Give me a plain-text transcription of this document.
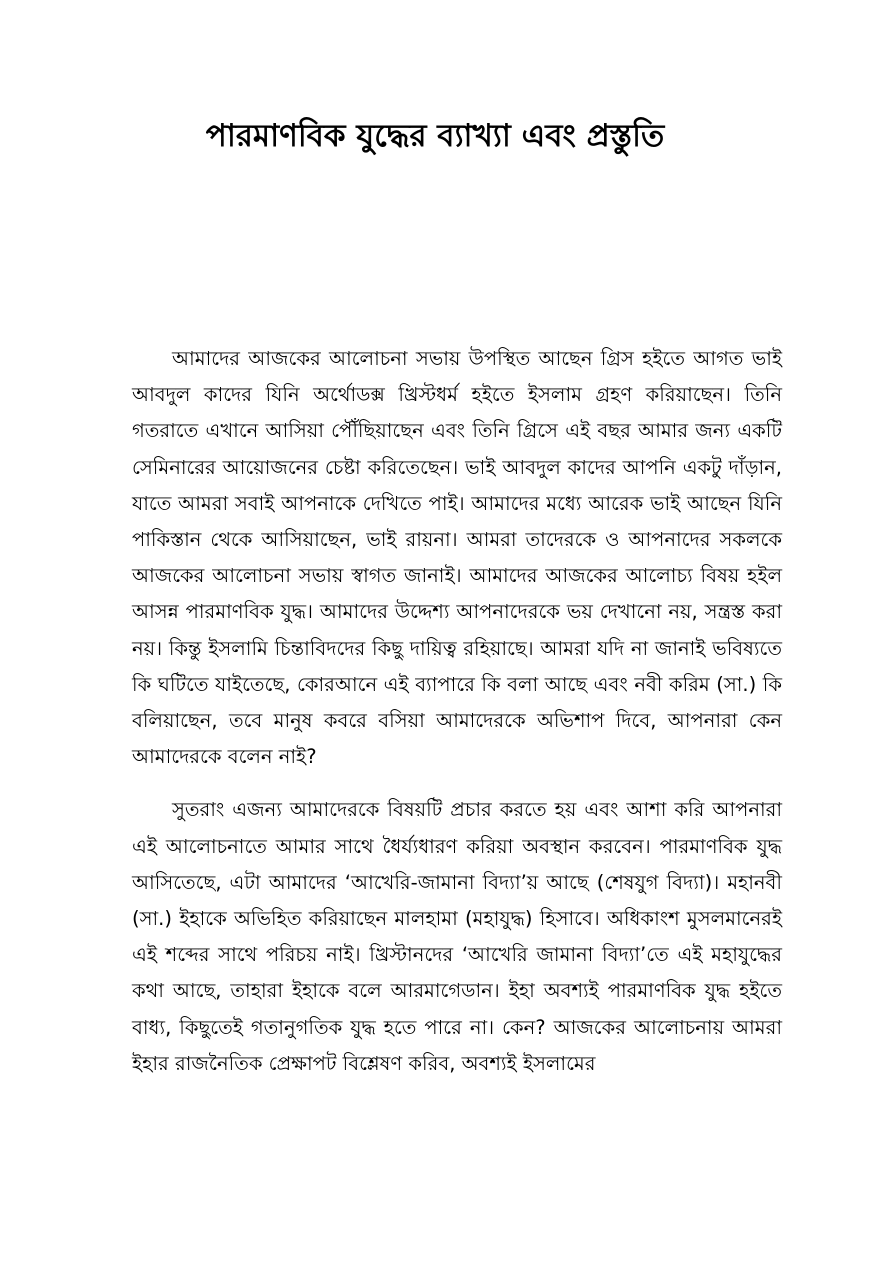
পারমাণবিক যুদ্ধের ব্যাখ্যা এবং প্রস্তুতি

আমাদের আজকের আলোচনা সভায় উপস্থিত আছেন গ্রিস হইতে আগত ভাই আবদুল কাদের যিনি অর্থোডক্স খ্রিস্টধর্ম হইতে ইসলাম গ্রহণ করিয়াছেন। তিনি গতরাতে এখানে আসিয়া পৌঁছিয়াছেন এবং তিনি গ্রিসে এই বছর আমার জন্য একটি সেমিনারের আয়োজনের চেষ্টা করিতেছেন। ভাই আবদুল কাদের আপনি একটু দাঁড়ান, যাতে আমরা সবাই আপনাকে দেখিতে পাই। আমাদের মধ্যে আরেক ভাই আছেন যিনি পাকিস্তান থেকে আসিয়াছেন, ভাই রায়না। আমরা তাদেরকে ও আপনাদের সকলকে আজকের আলোচনা সভায় স্বাগত জানাই। আমাদের আজকের আলোচ্য বিষয় হইল আসন্ন পারমাণবিক যুদ্ধ। আমাদের উদ্দেশ্য আপনাদেরকে ভয় দেখানো নয়, সন্ত্রস্ত করা নয়। কিন্তু ইসলামি চিন্তাবিদদের কিছু দায়িত্ব রহিয়াছে। আমরা যদি না জানাই ভবিষ্যতে কি ঘটিতে যাইতেছে, কোরআনে এই ব্যাপারে কি বলা আছে এবং নবী করিম (সা.) কি বলিয়াছেন, তবে মানুষ কবরে বসিয়া আমাদেরকে অভিশাপ দিবে, আপনারা কেন আমাদেরকে বলেন নাই?

সুতরাং এজন্য আমাদেরকে বিষয়টি প্রচার করতে হয় এবং আশা করি আপনারা এই আলোচনাতে আমার সাথে ধৈর্য্যধারণ করিয়া অবস্থান করবেন। পারমাণবিক যুদ্ধ আসিতেছে, এটা আমাদের ‘আখেরি-জামানা বিদ্যা’য় আছে (শেষযুগ বিদ্যা)। মহানবী (সা.) ইহাকে অভিহিত করিয়াছেন মালহামা (মহাযুদ্ধ) হিসাবে। অধিকাংশ মুসলমানেরই এই শব্দের সাথে পরিচয় নাই। খ্রিস্টানদের ‘আখেরি জামানা বিদ্যা’তে এই মহাযুদ্ধের কথা আছে, তাহারা ইহাকে বলে আরমাগেডান। ইহা অবশ্যই পারমাণবিক যুদ্ধ হইতে বাধ্য, কিছুতেই গতানুগতিক যুদ্ধ হতে পারে না। কেন? আজকের আলোচনায় আমরা ইহার রাজনৈতিক প্রেক্ষাপট বিশ্লেষণ করিব, অবশ্যই ইসলামের
